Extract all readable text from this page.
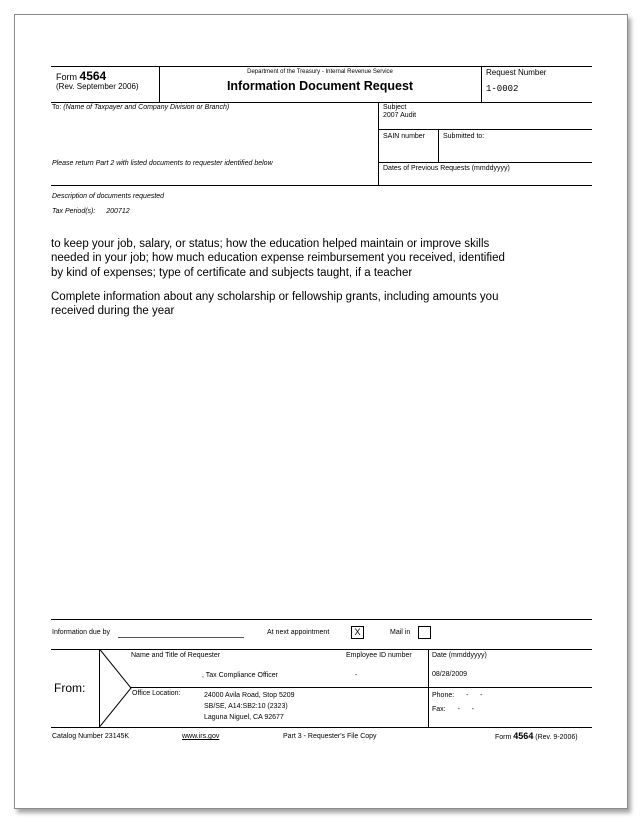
Form 4564
(Rev. September 2006)
Department of the Treasury - Internal Revenue Service
Information Document Request
Request Number
1-0002
To: (Name of Taxpayer and Company Division or Branch)	Subject
2007 Audit
SAIN number	Submitted to:
Please return Part 2 with listed documents to requester identified below
Dates of Previous Requests (mmddyyyy)
Description of documents requested
Tax Period(s): 200712
to keep your job, salary, or status; how the education helped maintain or improve skills
needed in your job; how much education expense reimbursement you received, identified
by kind of expenses; type of certificate and subjects taught, if a teacher
Complete information about any scholarship or fellowship grants, including amounts you
received during the year
Information due by	At next appointment	X	Mail in
From:
Name and Title of Requester
, Tax Compliance Officer
Employee ID number
-
Date (mmddyyyy)
08/28/2009
Office Location:	24000 Avila Road, Stop 5209
SB/SE, A14:SB2:10 (2323)
Laguna Niguel, CA 92677
Phone: -      -
Fax: -      -
Catalog Number 23145K	www.irs.gov	Part 3 - Requester's File Copy	Form 4564 (Rev. 9-2006)
